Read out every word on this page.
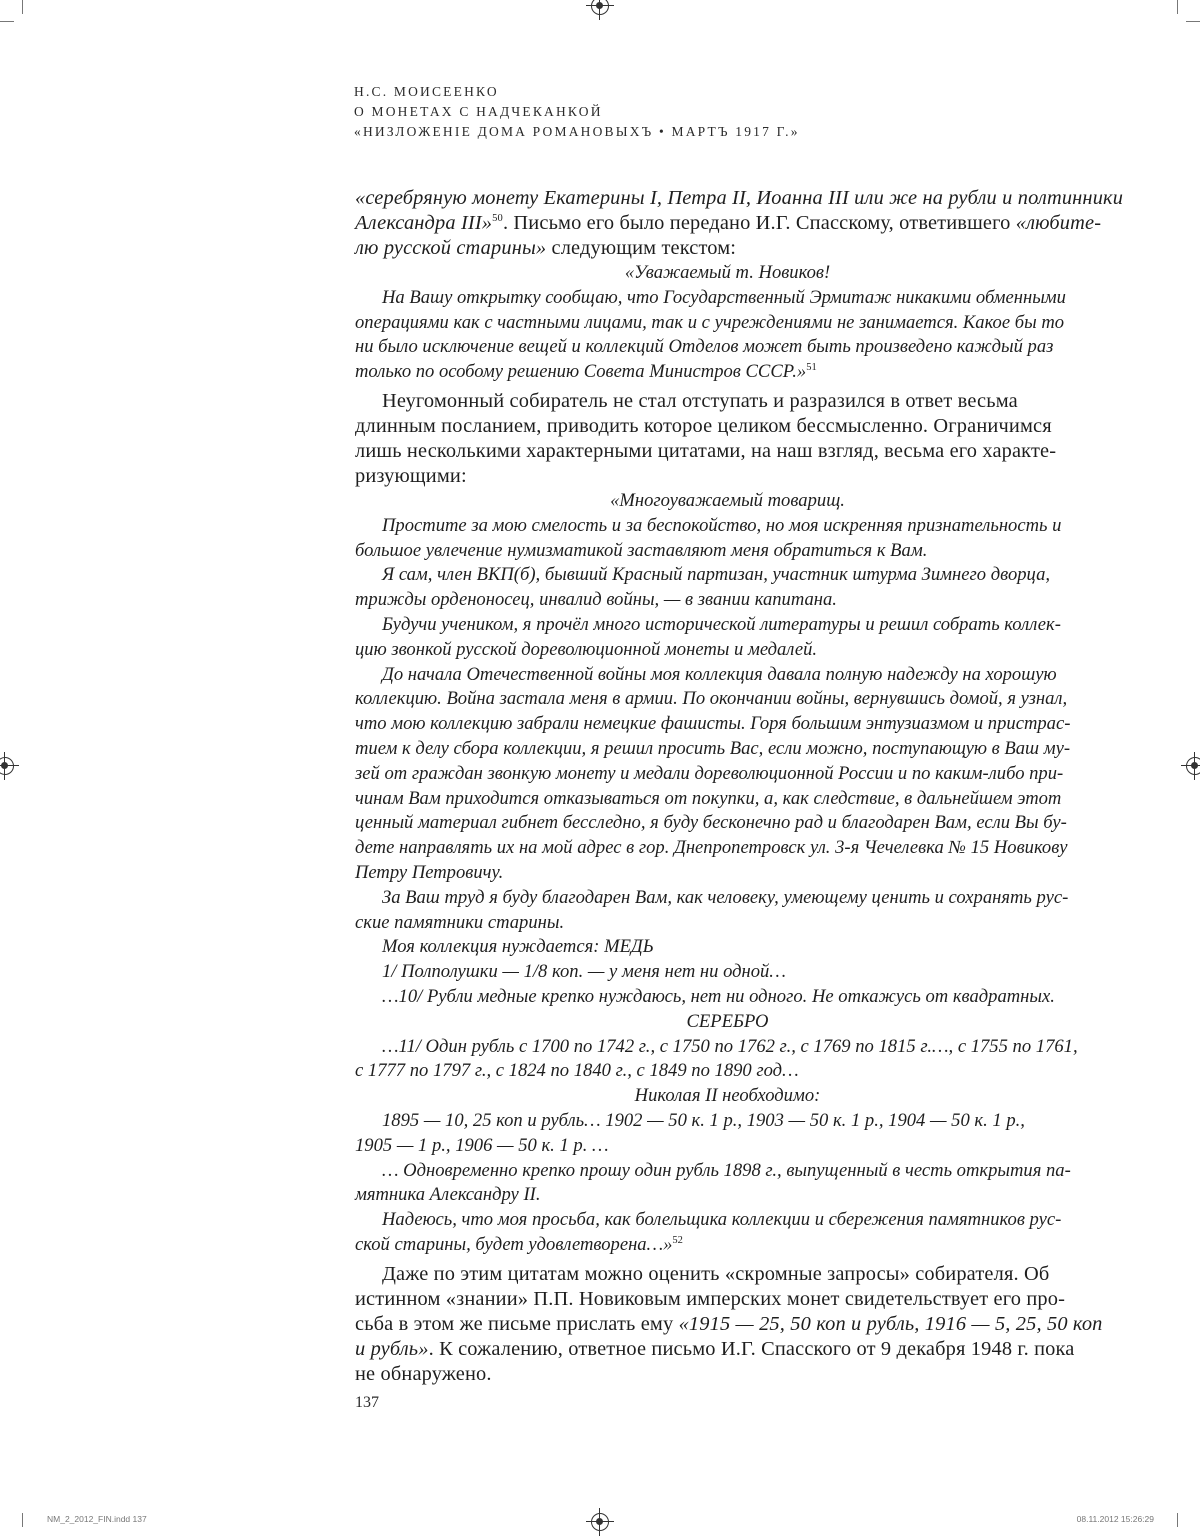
Н.С. МОИСЕЕНКО
О МОНЕТАХ С НАДЧЕКАНКОЙ
«НИЗЛОЖЕНIЕ ДОМА РОМАНОВЫХЪ • МАРТЪ 1917 Г.»
«серебряную монету Екатерины I, Петра II, Иоанна III или же на рубли и полтинники
Александра III»$^{50}$. Письмо его было передано И.Г. Спасскому, ответившего «любите-
лю русской старины» следующим текстом:
«Уважаемый т. Новиков!
На Вашу открытку сообщаю, что Государственный Эрмитаж никакими обменными
операциями как с частными лицами, так и с учреждениями не занимается. Какое бы то
ни было исключение вещей и коллекций Отделов может быть произведено каждый раз
только по особому решению Совета Министров СССР.»$^{51}$
Неугомонный собиратель не стал отступать и разразился в ответ весьма
длинным посланием, приводить которое целиком бессмысленно. Ограничимся
лишь несколькими характерными цитатами, на наш взгляд, весьма его характе-
ризующими:
«Многоуважаемый товарищ.
Простите за мою смелость и за беспокойство, но моя искренняя признательность и
большое увлечение нумизматикой заставляют меня обратиться к Вам.
Я сам, член ВКП(б), бывший Красный партизан, участник штурма Зимнего дворца,
трижды орденоносец, инвалид войны, — в звании капитана.
Будучи учеником, я прочёл много исторической литературы и решил собрать коллек-
цию звонкой русской дореволюционной монеты и медалей.
До начала Отечественной войны моя коллекция давала полную надежду на хорошую
коллекцию. Война застала меня в армии. По окончании войны, вернувшись домой, я узнал,
что мою коллекцию забрали немецкие фашисты. Горя большим энтузиазмом и пристрас-
тием к делу сбора коллекции, я решил просить Вас, если можно, поступающую в Ваш му-
зей от граждан звонкую монету и медали дореволюционной России и по каким-либо при-
чинам Вам приходится отказываться от покупки, а, как следствие, в дальнейшем этот
ценный материал гибнет бесследно, я буду бесконечно рад и благодарен Вам, если Вы бу-
дете направлять их на мой адрес в гор. Днепропетровск ул. 3-я Чечелевка № 15 Новикову
Петру Петровичу.
За Ваш труд я буду благодарен Вам, как человеку, умеющему ценить и сохранять рус-
ские памятники старины.
Моя коллекция нуждается: МЕДЬ
1/ Полполушки — 1/8 коп. — у меня нет ни одной…
…10/ Рубли медные крепко нуждаюсь, нет ни одного. Не откажусь от квадратных.
СЕРЕБРО
…11/ Один рубль с 1700 по 1742 г., с 1750 по 1762 г., с 1769 по 1815 г.…, с 1755 по 1761,
с 1777 по 1797 г., с 1824 по 1840 г., с 1849 по 1890 год…
Николая II необходимо:
1895 — 10, 25 коп и рубль… 1902 — 50 к. 1 р., 1903 — 50 к. 1 р., 1904 — 50 к. 1 р.,
1905 — 1 р., 1906 — 50 к. 1 р. …
… Одновременно крепко прошу один рубль 1898 г., выпущенный в честь открытия па-
мятника Александру II.
Надеюсь, что моя просьба, как болельщика коллекции и сбережения памятников рус-
ской старины, будет удовлетворена…»$^{52}$
Даже по этим цитатам можно оценить «скромные запросы» собирателя. Об
истинном «знании» П.П. Новиковым имперских монет свидетельствует его про-
сьба в этом же письме прислать ему «1915 — 25, 50 коп и рубль, 1916 — 5, 25, 50 коп
и рубль». К сожалению, ответное письмо И.Г. Спасского от 9 декабря 1948 г. пока
не обнаружено.
137
NM_2_2012_FIN.indd 137	08.11.2012 15:26:29
